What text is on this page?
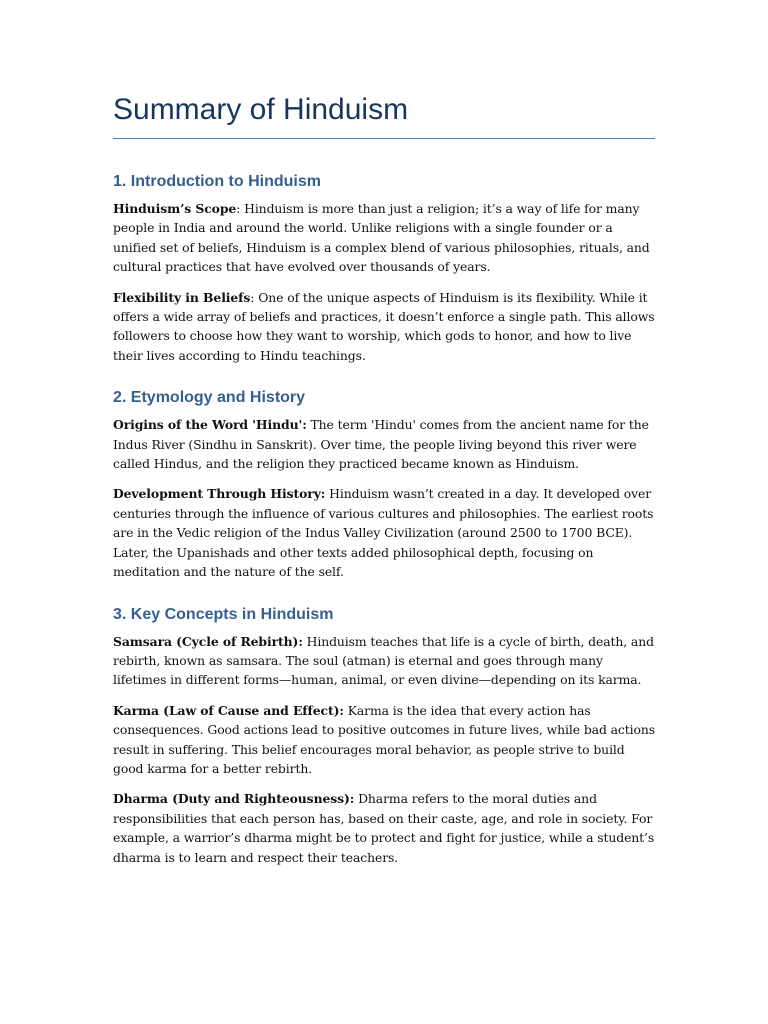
Summary of Hinduism
1. Introduction to Hinduism

Hinduism’s Scope: Hinduism is more than just a religion; it’s a way of life for many people in India and around the world. Unlike religions with a single founder or a unified set of beliefs, Hinduism is a complex blend of various philosophies, rituals, and cultural practices that have evolved over thousands of years.

Flexibility in Beliefs: One of the unique aspects of Hinduism is its flexibility. While it offers a wide array of beliefs and practices, it doesn’t enforce a single path. This allows followers to choose how they want to worship, which gods to honor, and how to live their lives according to Hindu teachings.

2. Etymology and History

Origins of the Word 'Hindu': The term 'Hindu' comes from the ancient name for the Indus River (Sindhu in Sanskrit). Over time, the people living beyond this river were called Hindus, and the religion they practiced became known as Hinduism.

Development Through History: Hinduism wasn’t created in a day. It developed over centuries through the influence of various cultures and philosophies. The earliest roots are in the Vedic religion of the Indus Valley Civilization (around 2500 to 1700 BCE). Later, the Upanishads and other texts added philosophical depth, focusing on meditation and the nature of the self.

3. Key Concepts in Hinduism

Samsara (Cycle of Rebirth): Hinduism teaches that life is a cycle of birth, death, and rebirth, known as samsara. The soul (atman) is eternal and goes through many lifetimes in different forms—human, animal, or even divine—depending on its karma.

Karma (Law of Cause and Effect): Karma is the idea that every action has consequences. Good actions lead to positive outcomes in future lives, while bad actions result in suffering. This belief encourages moral behavior, as people strive to build good karma for a better rebirth.

Dharma (Duty and Righteousness): Dharma refers to the moral duties and responsibilities that each person has, based on their caste, age, and role in society. For example, a warrior’s dharma might be to protect and fight for justice, while a student’s dharma is to learn and respect their teachers.
